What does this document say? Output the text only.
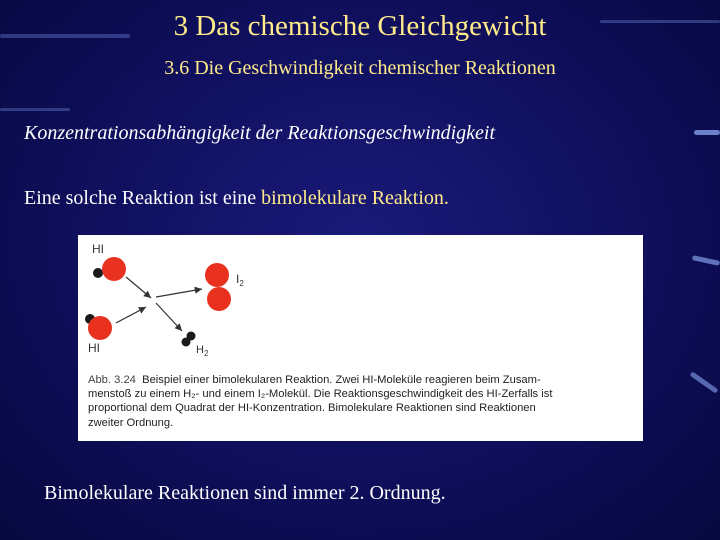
3 Das chemische Gleichgewicht
3.6 Die Geschwindigkeit chemischer Reaktionen
Konzentrationsabhängigkeit der Reaktionsgeschwindigkeit
Eine solche Reaktion ist eine bimolekulare Reaktion.
HI
HI
$I_2$
$H_2$
Abb. 3.24 Beispiel einer bimolekularen Reaktion. Zwei HI-Moleküle reagieren beim Zusam-
menstoß zu einem H₂- und einem I₂-Molekül. Die Reaktionsgeschwindigkeit des HI-Zerfalls ist
proportional dem Quadrat der HI-Konzentration. Bimolekulare Reaktionen sind Reaktionen
zweiter Ordnung.
Bimolekulare Reaktionen sind immer 2. Ordnung.
